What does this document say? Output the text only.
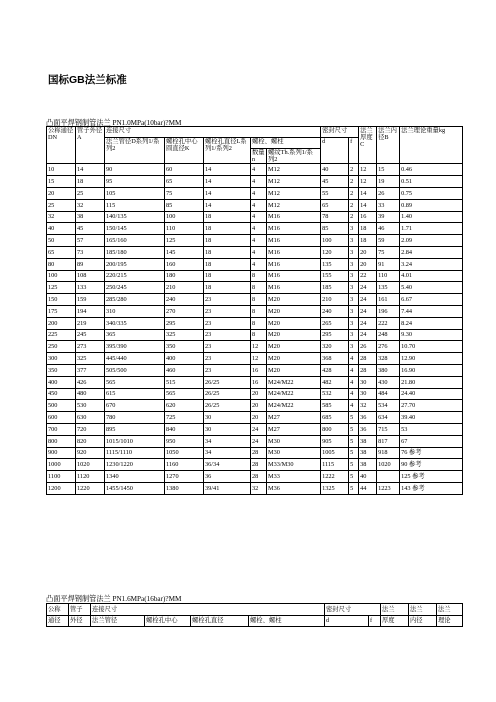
国标GB法兰标准
凸面平焊钢制管法兰 PN1.0MPa(10bar)?MM
公称通径DN	管子外径A	连接尺寸					密封尺寸		法兰厚度C	法兰内径B	法兰理论重量kg
		法兰管径D系列1/系列2	螺栓孔中心圆直径K	螺栓孔直径L系列1/系列2	螺栓、螺柱		d	f			
					数量n	螺纹Th.系列1/系列2					
10	14	90	60	14	4	M12	40	2	12	15	0.46
15	18	95	65	14	4	M12	45	2	12	19	0.51
20	25	105	75	14	4	M12	55	2	14	26	0.75
25	32	115	85	14	4	M12	65	2	14	33	0.89
32	38	140/135	100	18	4	M16	78	2	16	39	1.40
40	45	150/145	110	18	4	M16	85	3	18	46	1.71
50	57	165/160	125	18	4	M16	100	3	18	59	2.09
65	73	185/180	145	18	4	M16	120	3	20	75	2.84
80	89	200/195	160	18	4	M16	135	3	20	91	3.24
100	108	220/215	180	18	8	M16	155	3	22	110	4.01
125	133	250/245	210	18	8	M16	185	3	24	135	5.40
150	159	285/280	240	23	8	M20	210	3	24	161	6.67
175	194	310	270	23	8	M20	240	3	24	196	7.44
200	219	340/335	295	23	8	M20	265	3	24	222	8.24
225	245	365	325	23	8	M20	295	3	24	248	9.30
250	273	395/390	350	23	12	M20	320	3	26	276	10.70
300	325	445/440	400	23	12	M20	368	4	28	328	12.90
350	377	505/500	460	23	16	M20	428	4	28	380	16.90
400	426	565	515	26/25	16	M24/M22	482	4	30	430	21.80
450	480	615	565	26/25	20	M24/M22	532	4	30	484	24.40
500	530	670	620	26/25	20	M24/M22	585	4	32	534	27.70
600	630	780	725	30	20	M27	685	5	36	634	39.40
700	720	895	840	30	24	M27	800	5	36	715	53
800	820	1015/1010	950	34	24	M30	905	5	38	817	67
900	920	1115/1110	1050	34	28	M30	1005	5	38	918	76 参考
1000	1020	1230/1220	1160	36/34	28	M33/M30	1115	5	38	1020	90 参考
1100	1120	1340	1270	36	28	M33	1222	5	40		125 参考
1200	1220	1455/1450	1380	39/41	32	M36	1325	5	44	1223	143 参考
凸面平焊钢制管法兰 PN1.6MPa(16bar)?MM
公称	管子	连接尺寸				密封尺寸		法兰	法兰	法兰
通径	外径	法兰管径	螺栓孔中心	螺栓孔直径	螺栓、螺柱	d	f	厚度	内径	理论
